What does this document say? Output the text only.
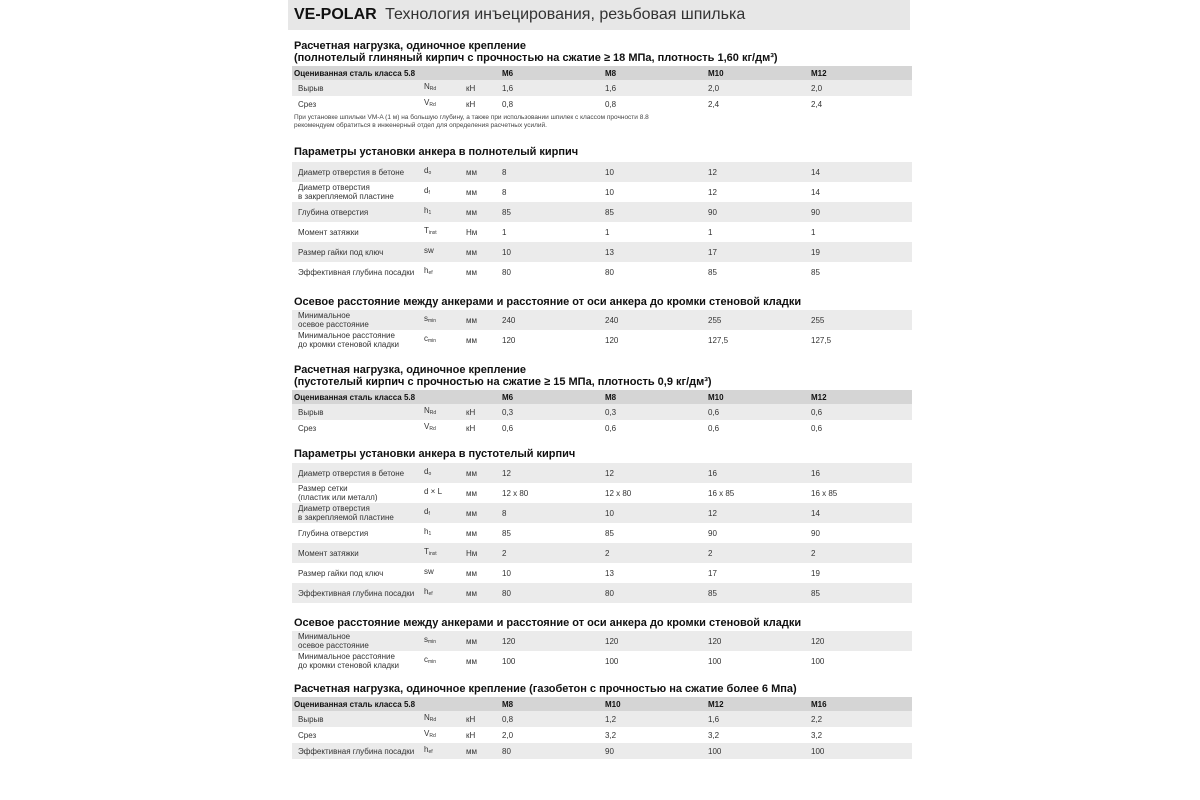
VE-POLAR Технология инъецирования, резьбовая шпилька
Расчетная нагрузка, одиночное крепление
(полнотелый глиняный кирпич с прочностью на сжатие ≥ 18 МПа, плотность 1,60 кг/дм³)
Оцениванная сталь класса 5.8			М6	М8	М10	М12
Вырыв	$N_{Rd}$	кН	1,6	1,6	2,0	2,0
Срез	$V_{Rd}$	кН	0,8	0,8	2,4	2,4
При установке шпильки VM-A (1 м) на большую глубину, а также при использовании шпилек с классом прочности 8.8
рекомендуем обратиться в инженерный отдел для определения расчетных усилий.
Параметры установки анкера в полнотелый кирпич
Диаметр отверстия в бетоне	$d_o$	мм	8	10	12	14
Диаметр отверстия
в закрепляемой пластине	$d_f$	мм	8	10	12	14
Глубина отверстия	$h_1$	мм	85	85	90	90
Момент затяжки	$T_{inst}$	Нм	1	1	1	1
Размер гайки под ключ	sw	мм	10	13	17	19
Эффективная глубина посадки	$h_{ef}$	мм	80	80	85	85
Осевое расстояние между анкерами и расстояние от оси анкера до кромки стеновой кладки
Минимальное
осевое расстояние	$s_{min}$	мм	240	240	255	255
Минимальное расстояние
до кромки стеновой кладки	$c_{min}$	мм	120	120	127,5	127,5
Расчетная нагрузка, одиночное крепление
(пустотелый кирпич с прочностью на сжатие ≥ 15 МПа, плотность 0,9 кг/дм³)
Оцениванная сталь класса 5.8			М6	М8	М10	М12
Вырыв	$N_{Rd}$	кН	0,3	0,3	0,6	0,6
Срез	$V_{Rd}$	кН	0,6	0,6	0,6	0,6
Параметры установки анкера в пустотелый кирпич
Диаметр отверстия в бетоне	$d_o$	мм	12	12	16	16
Размер сетки
(пластик или металл)	d × L	мм	12 x 80	12 x 80	16 x 85	16 x 85
Диаметр отверстия
в закрепляемой пластине	$d_f$	мм	8	10	12	14
Глубина отверстия	$h_1$	мм	85	85	90	90
Момент затяжки	$T_{inst}$	Нм	2	2	2	2
Размер гайки под ключ	sw	мм	10	13	17	19
Эффективная глубина посадки	$h_{ef}$	мм	80	80	85	85
Осевое расстояние между анкерами и расстояние от оси анкера до кромки стеновой кладки
Минимальное
осевое расстояние	$s_{min}$	мм	120	120	120	120
Минимальное расстояние
до кромки стеновой кладки	$c_{min}$	мм	100	100	100	100
Расчетная нагрузка, одиночное крепление (газобетон с прочностью на сжатие более 6 Мпа)
Оцениванная сталь класса 5.8			М8	М10	М12	М16
Вырыв	$N_{Rd}$	кН	0,8	1,2	1,6	2,2
Срез	$V_{Rd}$	кН	2,0	3,2	3,2	3,2
Эффективная глубина посадки	$h_{ef}$	мм	80	90	100	100
